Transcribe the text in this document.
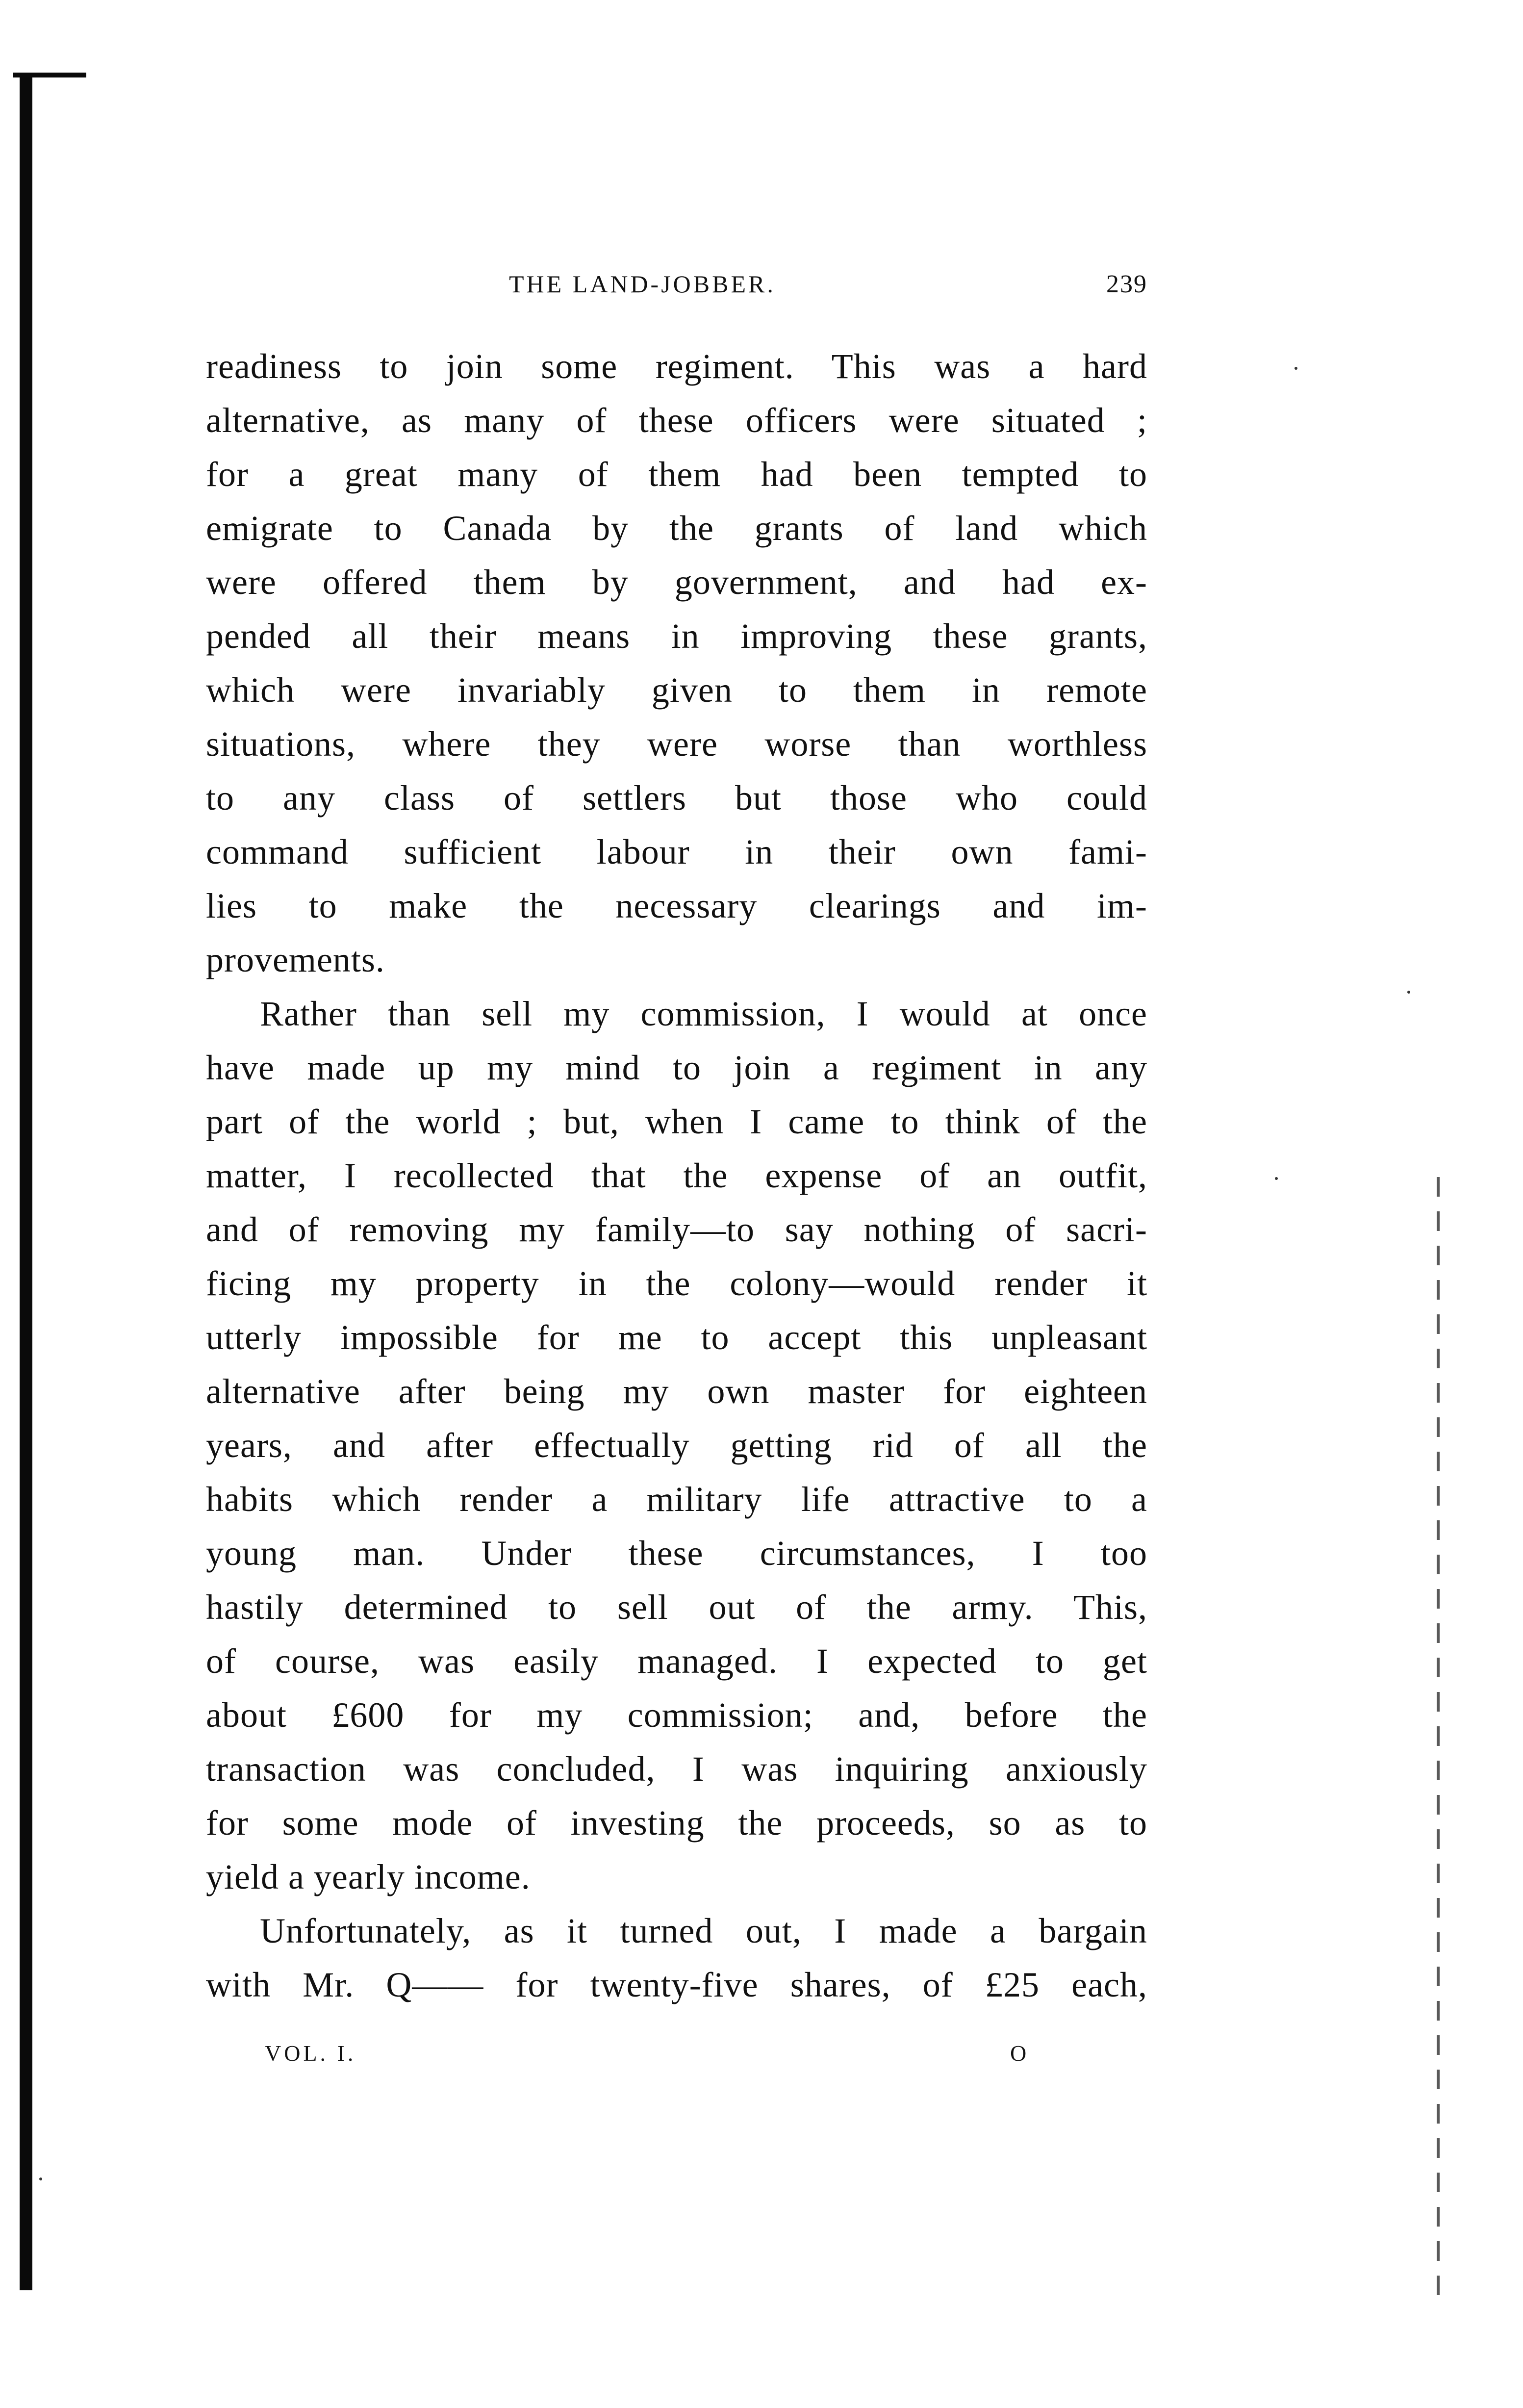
THE LAND-JOBBER.	239
readiness to join some regiment. This was a hard
alternative, as many of these officers were situated ;
for a great many of them had been tempted to
emigrate to Canada by the grants of land which
were offered them by government, and had ex-
pended all their means in improving these grants,
which were invariably given to them in remote
situations, where they were worse than worthless
to any class of settlers but those who could
command sufficient labour in their own fami-
lies to make the necessary clearings and im-
provements.
Rather than sell my commission, I would at once
have made up my mind to join a regiment in any
part of the world ; but, when I came to think of the
matter, I recollected that the expense of an outfit,
and of removing my family—to say nothing of sacri-
ficing my property in the colony—would render it
utterly impossible for me to accept this unpleasant
alternative after being my own master for eighteen
years, and after effectually getting rid of all the
habits which render a military life attractive to a
young man. Under these circumstances, I too
hastily determined to sell out of the army. This,
of course, was easily managed. I expected to get
about £600 for my commission; and, before the
transaction was concluded, I was inquiring anxiously
for some mode of investing the proceeds, so as to
yield a yearly income.
Unfortunately, as it turned out, I made a bargain
with Mr. Q—— for twenty-five shares, of £25 each,
VOL. I.	O
